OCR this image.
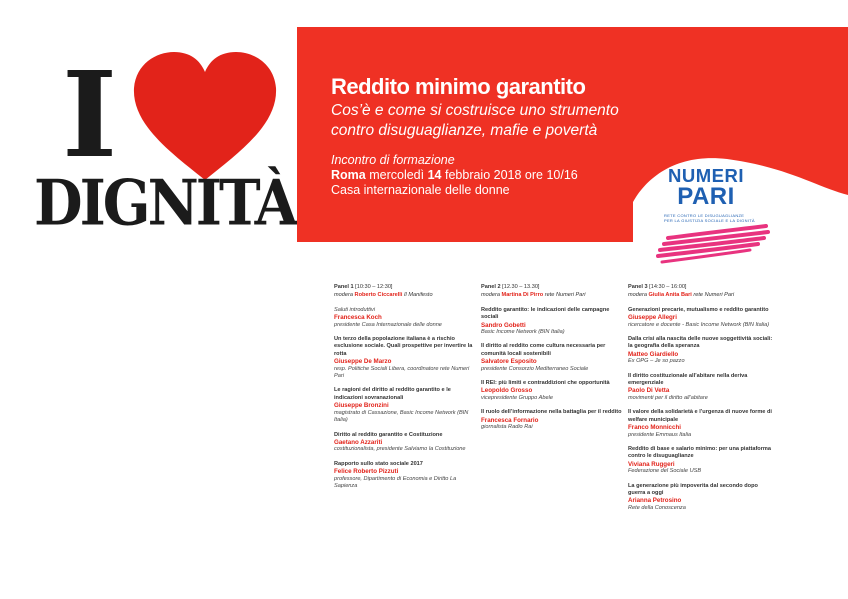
I
DIGNITÀ
Reddito minimo garantito
Cos’è e come si costruisce uno strumento
contro disuguaglianze, mafie e povertà
Incontro di formazione
Roma mercoledì 14 febbraio 2018 ore 10/16
Casa internazionale delle donne
NUMERI
PARI
RETE CONTRO LE DISUGUAGLIANZE
PER LA GIUSTIZIA SOCIALE E LA DIGNITÀ
Panel 1 [10:30 – 12:30]
modera Roberto Ciccarelli Il Manifesto
Saluti introduttivi
Francesca Koch
presidente Casa Internazionale delle donne
Un terzo della popolazione italiana è a rischio esclusione sociale. Quali prospettive per invertire la rotta
Giuseppe De Marzo
resp. Politiche Sociali Libera, coordinatore rete Numeri Pari
Le ragioni del diritto al reddito garantito e le indicazioni sovranazionali
Giuseppe Bronzini
magistrato di Cassazione, Basic Income Network (BIN Italia)
Diritto al reddito garantito e Costituzione
Gaetano Azzariti
costituzionalista, presidente Salviamo la Costituzione
Rapporto sullo stato sociale 2017
Felice Roberto Pizzuti
professore, Dipartimento di Economia e Diritto La Sapienza
Panel 2 [12.30 – 13.30]
modera Martina Di Pirro rete Numeri Pari
Reddito garantito: le indicazioni delle campagne sociali
Sandro Gobetti
Basic Income Network (BIN Italia)
Il diritto al reddito come cultura necessaria per comunità locali sostenibili
Salvatore Esposito
presidente Consorzio Mediterraneo Sociale
Il REI: più limiti e contraddizioni che opportunità
Leopoldo Grosso
vicepresidente Gruppo Abele
Il ruolo dell’informazione nella battaglia per il reddito
Francesca Fornario
giornalista Radio Rai
Panel 3 [14:30 – 16:00]
modera Giulia Anita Bari rete Numeri Pari
Generazioni precarie, mutualismo e reddito garantito
Giuseppe Allegri
ricercatore e docente - Basic Income Network (BIN Italia)
Dalla crisi alla nascita delle nuove soggettività sociali: la geografia della speranza
Matteo Giardiello
Ex OPG – Je so pazzo
Il diritto costituzionale all’abitare nella deriva emergenziale
Paolo Di Vetta
movimenti per il diritto all’abitare
Il valore della solidarietà e l’urgenza di nuove forme di welfare municipale
Franco Monnicchi
presidente Emmaus Italia
Reddito di base e salario minimo: per una piattaforma contro le disuguaglianze
Viviana Ruggeri
Federazione del Sociale USB
La generazione più impoverita dal secondo dopo guerra a oggi
Arianna Petrosino
Rete della Conoscenza
